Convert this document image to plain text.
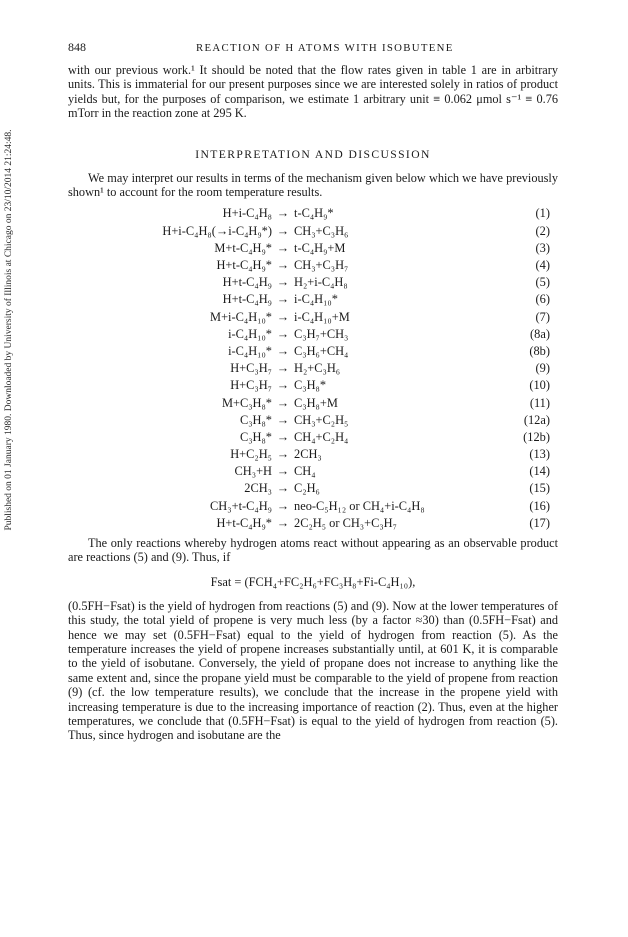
Published on 01 January 1980. Downloaded by University of Illinois at Chicago on 23/10/2014 21:24:48.
848	REACTION OF H ATOMS WITH ISOBUTENE

with our previous work.¹ It should be noted that the flow rates given in table 1 are in arbitrary units. This is immaterial for our present purposes since we are interested solely in ratios of product yields but, for the purposes of comparison, we estimate 1 arbitrary unit ≡ 0.062 μmol s⁻¹ ≡ 0.76 mTorr in the reaction zone at 295 K.

INTERPRETATION AND DISCUSSION

We may interpret our results in terms of the mechanism given below which we have previously shown¹ to account for the room temperature results.

H+i-C₄H₈ → t-C₄H₉*	(1)
H+i-C₄H₈(→i-C₄H₉*) → CH₃+C₃H₆	(2)
M+t-C₄H₉* → t-C₄H₉+M	(3)
H+t-C₄H₉* → CH₃+C₃H₇	(4)
H+t-C₄H₉ → H₂+i-C₄H₈	(5)
H+t-C₄H₉ → i-C₄H₁₀*	(6)
M+i-C₄H₁₀* → i-C₄H₁₀+M	(7)
i-C₄H₁₀* → C₃H₇+CH₃	(8a)
i-C₄H₁₀* → C₃H₆+CH₄	(8b)
H+C₃H₇ → H₂+C₃H₆	(9)
H+C₃H₇ → C₃H₈*	(10)
M+C₃H₈* → C₃H₈+M	(11)
C₃H₈* → CH₃+C₂H₅	(12a)
C₃H₈* → CH₄+C₂H₄	(12b)
H+C₂H₅ → 2CH₃	(13)
CH₃+H → CH₄	(14)
2CH₃ → C₂H₆	(15)
CH₃+t-C₄H₉ → neo-C₅H₁₂ or CH₄+i-C₄H₈	(16)
H+t-C₄H₉* → 2C₂H₅ or CH₃+C₃H₇	(17)

The only reactions whereby hydrogen atoms react without appearing as an observable product are reactions (5) and (9). Thus, if

Fsat = (FCH₄+FC₂H₆+FC₃H₈+Fi-C₄H₁₀),

(0.5FH−Fsat) is the yield of hydrogen from reactions (5) and (9). Now at the lower temperatures of this study, the total yield of propene is very much less (by a factor ≈30) than (0.5FH−Fsat) and hence we may set (0.5FH−Fsat) equal to the yield of hydrogen from reaction (5). As the temperature increases the yield of propene increases substantially until, at 601 K, it is comparable to the yield of isobutane. Conversely, the yield of propane does not increase to anything like the same extent and, since the propane yield must be comparable to the yield of propene from reaction (9) (cf. the low temperature results), we conclude that the increase in the propene yield with increasing temperature is due to the increasing importance of reaction (2). Thus, even at the higher temperatures, we conclude that (0.5FH−Fsat) is equal to the yield of hydrogen from reaction (5). Thus, since hydrogen and isobutane are the
